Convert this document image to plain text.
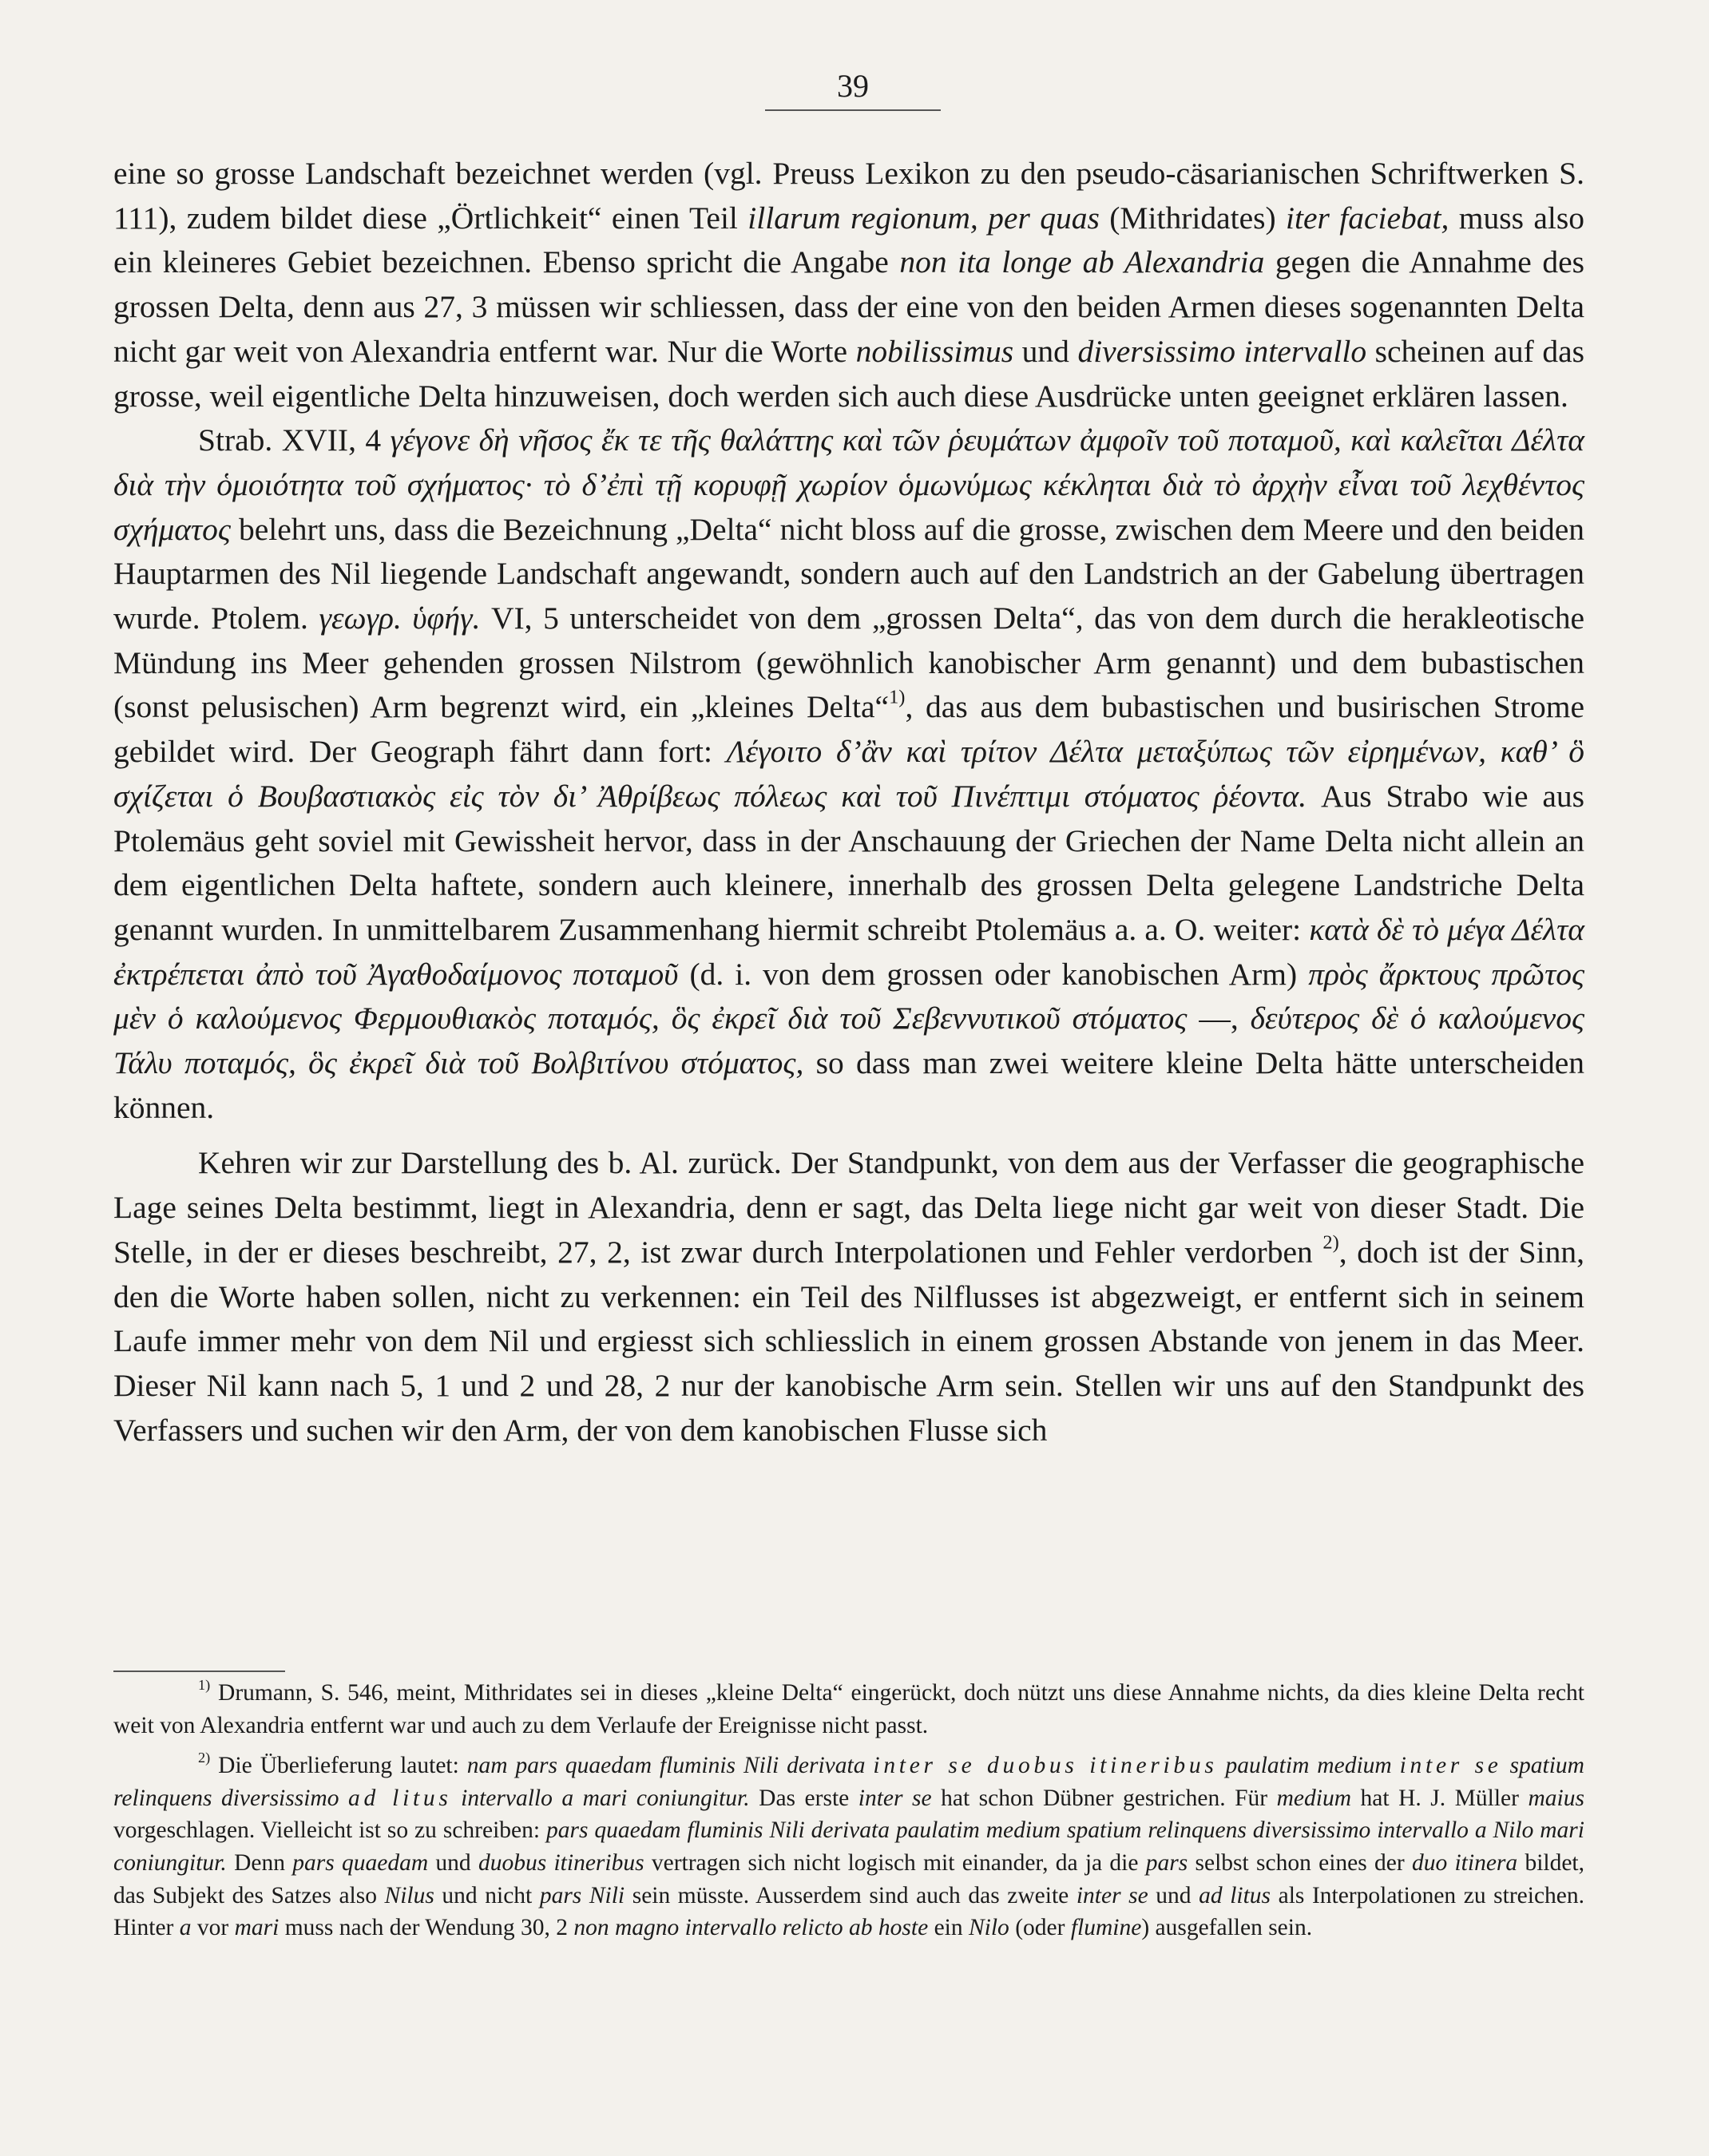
39

eine so grosse Landschaft bezeichnet werden (vgl. Preuss Lexikon zu den pseudo-cäsarianischen Schriftwerken S. 111), zudem bildet diese „Örtlichkeit“ einen Teil illarum regionum, per quas (Mithridates) iter faciebat, muss also ein kleineres Gebiet bezeichnen. Ebenso spricht die Angabe non ita longe ab Alexandria gegen die Annahme des grossen Delta, denn aus 27, 3 müssen wir schliessen, dass der eine von den beiden Armen dieses sogenannten Delta nicht gar weit von Alexandria entfernt war. Nur die Worte nobilissimus und diversissimo intervallo scheinen auf das grosse, weil eigentliche Delta hinzuweisen, doch werden sich auch diese Ausdrücke unten geeignet erklären lassen.

Strab. XVII, 4 γέγονε δὴ νῆσος ἔκ τε τῆς θαλάττης καὶ τῶν ῥευμάτων ἀμφοῖν τοῦ ποταμοῦ, καὶ καλεῖται Δέλτα διὰ τὴν ὁμοιότητα τοῦ σχήματος· τὸ δ’ἐπὶ τῇ κορυφῇ χωρίον ὁμωνύμως κέκληται διὰ τὸ ἀρχὴν εἶναι τοῦ λεχθέντος σχήματος belehrt uns, dass die Bezeichnung „Delta“ nicht bloss auf die grosse, zwischen dem Meere und den beiden Hauptarmen des Nil liegende Landschaft angewandt, sondern auch auf den Landstrich an der Gabelung übertragen wurde. Ptolem. γεωγρ. ὑφήγ. VI, 5 unterscheidet von dem „grossen Delta“, das von dem durch die herakleotische Mündung ins Meer gehenden grossen Nilstrom (gewöhnlich kanobischer Arm genannt) und dem bubastischen (sonst pelusischen) Arm begrenzt wird, ein „kleines Delta“$^{1)}$, das aus dem bubastischen und busirischen Strome gebildet wird. Der Geograph fährt dann fort: Λέγοιτο δ’ἂν καὶ τρίτον Δέλτα μεταξύπως τῶν εἰρημένων, καθ’ ὃ σχίζεται ὁ Βουβαστιακὸς εἰς τὸν δι’ Ἀθρίβεως πόλεως καὶ τοῦ Πινέπτιμι στόματος ῥέοντα. Aus Strabo wie aus Ptolemäus geht soviel mit Gewissheit hervor, dass in der Anschauung der Griechen der Name Delta nicht allein an dem eigentlichen Delta haftete, sondern auch kleinere, innerhalb des grossen Delta gelegene Landstriche Delta genannt wurden. In unmittelbarem Zusammenhang hiermit schreibt Ptolemäus a. a. O. weiter: κατὰ δὲ τὸ μέγα Δέλτα ἐκτρέπεται ἀπὸ τοῦ Ἀγαθοδαίμονος ποταμοῦ (d. i. von dem grossen oder kanobischen Arm) πρὸς ἄρκτους πρῶτος μὲν ὁ καλούμενος Φερμουθιακὸς ποταμός, ὃς ἐκρεῖ διὰ τοῦ Σεβεννυτικοῦ στόματος —, δεύτερος δὲ ὁ καλούμενος Τάλυ ποταμός, ὃς ἐκρεῖ διὰ τοῦ Βολβιτίνου στόματος, so dass man zwei weitere kleine Delta hätte unterscheiden können.

Kehren wir zur Darstellung des b. Al. zurück. Der Standpunkt, von dem aus der Verfasser die geographische Lage seines Delta bestimmt, liegt in Alexandria, denn er sagt, das Delta liege nicht gar weit von dieser Stadt. Die Stelle, in der er dieses beschreibt, 27, 2, ist zwar durch Interpolationen und Fehler verdorben $^{2)}$, doch ist der Sinn, den die Worte haben sollen, nicht zu verkennen: ein Teil des Nilflusses ist abgezweigt, er entfernt sich in seinem Laufe immer mehr von dem Nil und ergiesst sich schliesslich in einem grossen Abstande von jenem in das Meer. Dieser Nil kann nach 5, 1 und 2 und 28, 2 nur der kanobische Arm sein. Stellen wir uns auf den Standpunkt des Verfassers und suchen wir den Arm, der von dem kanobischen Flusse sich

$^{1)}$ Drumann, S. 546, meint, Mithridates sei in dieses „kleine Delta“ eingerückt, doch nützt uns diese Annahme nichts, da dies kleine Delta recht weit von Alexandria entfernt war und auch zu dem Verlaufe der Ereignisse nicht passt.

$^{2)}$ Die Überlieferung lautet: nam pars quaedam fluminis Nili derivata inter se duobus itineribus paulatim medium inter se spatium relinquens diversissimo ad litus intervallo a mari coniungitur. Das erste inter se hat schon Dübner gestrichen. Für medium hat H. J. Müller maius vorgeschlagen. Vielleicht ist so zu schreiben: pars quaedam fluminis Nili derivata paulatim medium spatium relinquens diversissimo intervallo a Nilo mari coniungitur. Denn pars quaedam und duobus itineribus vertragen sich nicht logisch mit einander, da ja die pars selbst schon eines der duo itinera bildet, das Subjekt des Satzes also Nilus und nicht pars Nili sein müsste. Ausserdem sind auch das zweite inter se und ad litus als Interpolationen zu streichen. Hinter a vor mari muss nach der Wendung 30, 2 non magno intervallo relicto ab hoste ein Nilo (oder flumine) ausgefallen sein.
